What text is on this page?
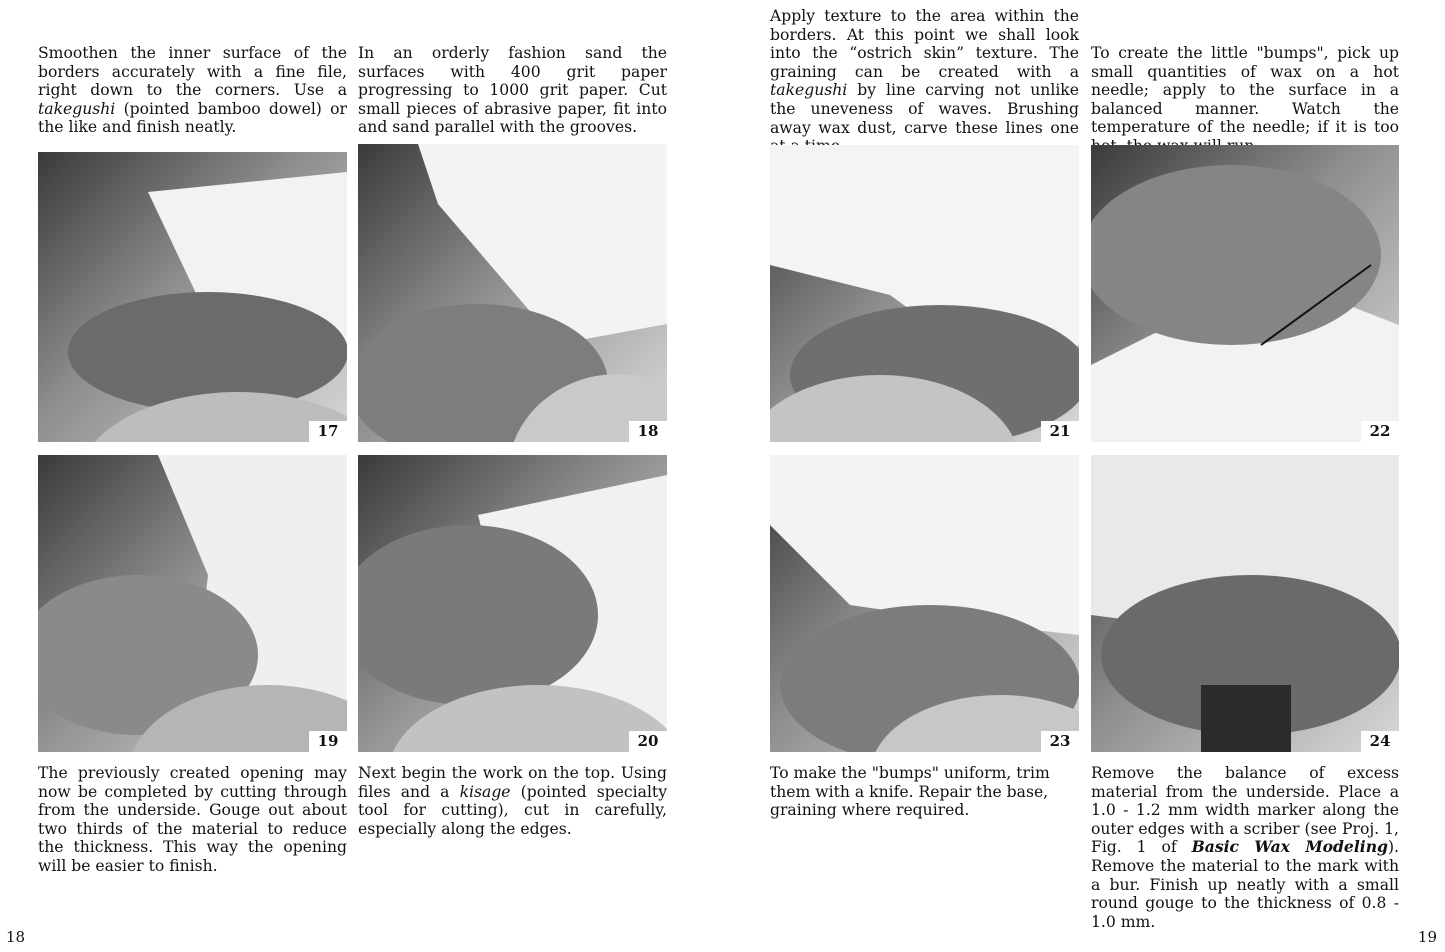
Smoothen the inner surface of the borders accurately with a fine file, right down to the corners. Use a takegushi (pointed bamboo dowel) or the like and finish neatly.

In an orderly fashion sand the surfaces with 400 grit paper progressing to 1000 grit paper. Cut small pieces of abrasive paper, fit into and sand parallel with the grooves.

17	18
19	20

The previously created opening may now be completed by cutting through from the underside. Gouge out about two thirds of the material to reduce the thickness. This way the opening will be easier to finish.

Next begin the work on the top. Using files and a kisage (pointed specialty tool for cutting), cut in carefully, especially along the edges.

18

Apply texture to the area within the borders. At this point we shall look into the “ostrich skin” texture. The graining can be created with a takegushi by line carving not unlike the uneveness of waves. Brushing away wax dust, carve these lines one

To create the little "bumps", pick up small quantities of wax on a hot needle; apply to the surface in a balanced manner. Watch the temperature of the needle; if it is too

21	22
23	24

To make the "bumps" uniform, trim them with a knife. Repair the base, graining where required.

Remove the balance of excess material from the underside. Place a 1.0 - 1.2 mm width marker along the outer edges with a scriber (see Proj. 1, Fig. 1 of Basic Wax Modeling). Remove the material to the mark with a bur. Finish up neatly with a small round gouge to the thickness of 0.8 - 1.0 mm.

19
